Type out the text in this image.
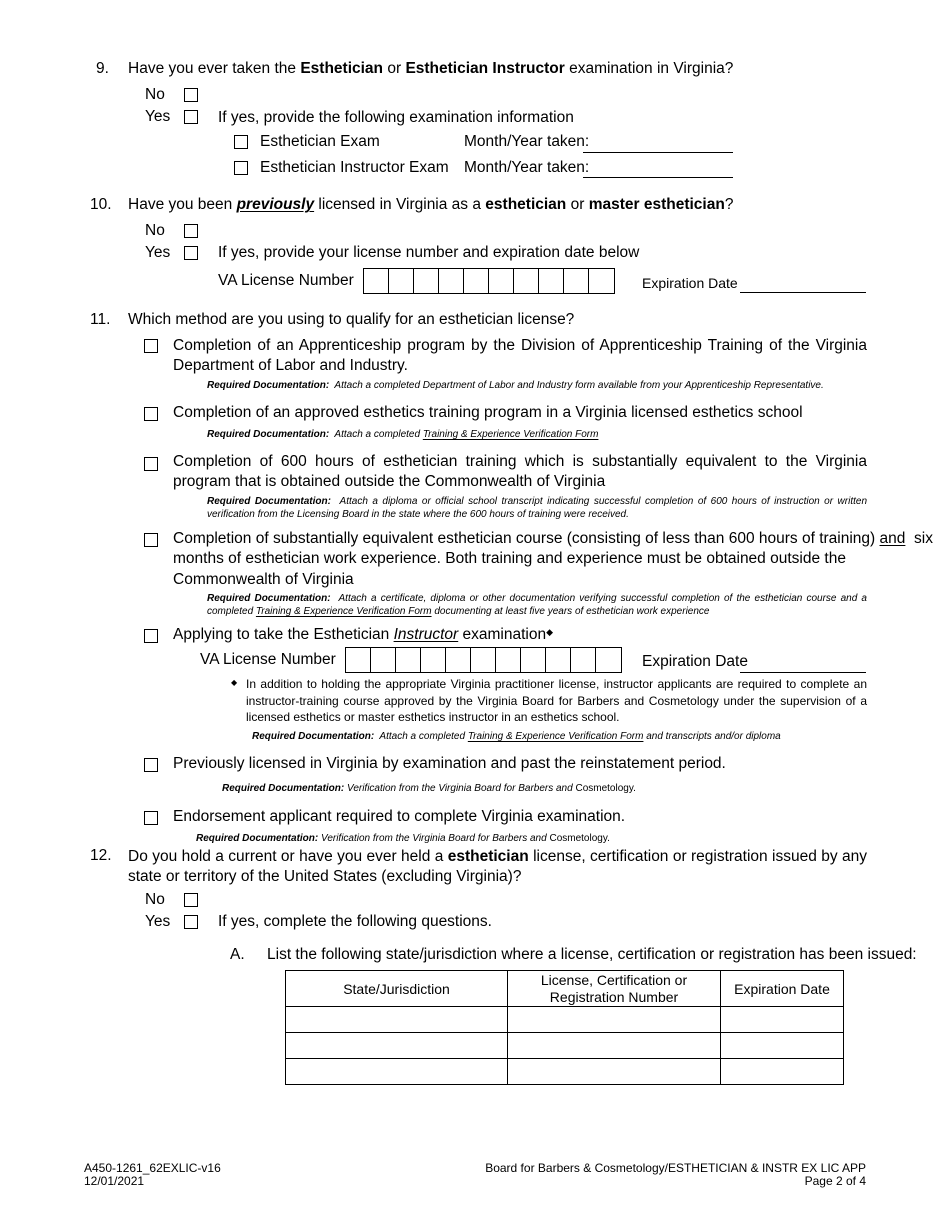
9. Have you ever taken the Esthetician or Esthetician Instructor examination in Virginia?
No
Yes	If yes, provide the following examination information
Esthetician Exam	Month/Year taken:
Esthetician Instructor Exam Month/Year taken:
10. Have you been previously licensed in Virginia as a esthetician or master esthetician?
No
Yes	If yes, provide your license number and expiration date below
VA License Number	Expiration Date
11. Which method are you using to qualify for an esthetician license?
Completion of an Apprenticeship program by the Division of Apprenticeship Training of the Virginia Department of Labor and Industry.
Required Documentation: Attach a completed Department of Labor and Industry form available from your Apprenticeship Representative.
Completion of an approved esthetics training program in a Virginia licensed esthetics school
Required Documentation: Attach a completed Training & Experience Verification Form
Completion of 600 hours of esthetician training which is substantially equivalent to the Virginia program that is obtained outside the Commonwealth of Virginia
Required Documentation: Attach a diploma or official school transcript indicating successful completion of 600 hours of instruction or written verification from the Licensing Board in the state where the 600 hours of training were received.
Completion of substantially equivalent esthetician course (consisting of less than 600 hours of training) and  six
months of esthetician work experience. Both training and experience must be obtained outside the
Commonwealth of Virginia
Required Documentation: Attach a certificate, diploma or other documentation verifying successful completion of the esthetician course and a completed Training & Experience Verification Form documenting at least five years of esthetician work experience
Applying to take the Esthetician Instructor examination◆
VA License Number	Expiration Date
◆ In addition to holding the appropriate Virginia practitioner license, instructor applicants are required to complete an instructor-training course approved by the Virginia Board for Barbers and Cosmetology under the supervision of a licensed esthetics or master esthetics instructor in an esthetics school.
Required Documentation: Attach a completed Training & Experience Verification Form and transcripts and/or diploma
Previously licensed in Virginia by examination and past the reinstatement period.
Required Documentation: Verification from the Virginia Board for Barbers and Cosmetology.
Endorsement applicant required to complete Virginia examination.
Required Documentation: Verification from the Virginia Board for Barbers and Cosmetology.
12. Do you hold a current or have you ever held a esthetician license, certification or registration issued by any state or territory of the United States (excluding Virginia)?
No
Yes	If yes, complete the following questions.
A. List the following state/jurisdiction where a license, certification or registration has been issued:
State/Jurisdiction	License, Certification or Registration Number	Expiration Date

A450-1261_62EXLIC-v16
12/01/2021
Board for Barbers & Cosmetology/ESTHETICIAN & INSTR EX LIC APP
Page 2 of 4
